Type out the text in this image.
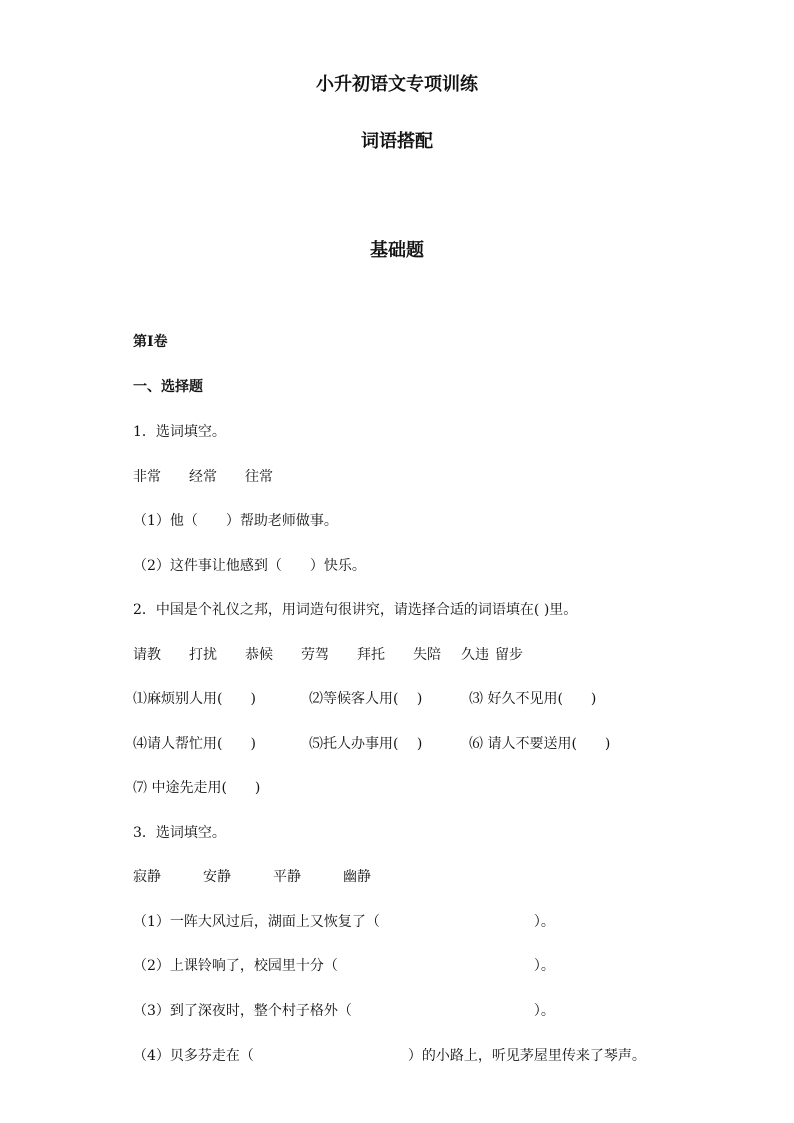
小升初语文专项训练
词语搭配
基础题
第I卷
一、选择题
1．选词填空。
非常	经常	往常
（1）他（　　）帮助老师做事。
（2）这件事让他感到（　　）快乐。
2．中国是个礼仪之邦，用词造句很讲究，请选择合适的词语填在( )里。
请教	打扰	恭候	劳驾	拜托	失陪	久违 留步
⑴麻烦别人用(　　)	⑵等候客人用(　 )	⑶ 好久不见用(　　)
⑷请人帮忙用(　　)	⑸托人办事用(　 )	⑹ 请人不要送用(　　)
⑺ 中途先走用(　　)
3．选词填空。
寂静	安静	平静	幽静
（1）一阵大风过后，湖面上又恢复了（　　　　　　　　　　　）。
（2）上课铃响了，校园里十分（　　　　　　　　　　　　　　）。
（3）到了深夜时，整个村子格外（　　　　　　　　　　　　　）。
（4）贝多芬走在（　　　　　　　　　　　）的小路上，听见茅屋里传来了琴声。
